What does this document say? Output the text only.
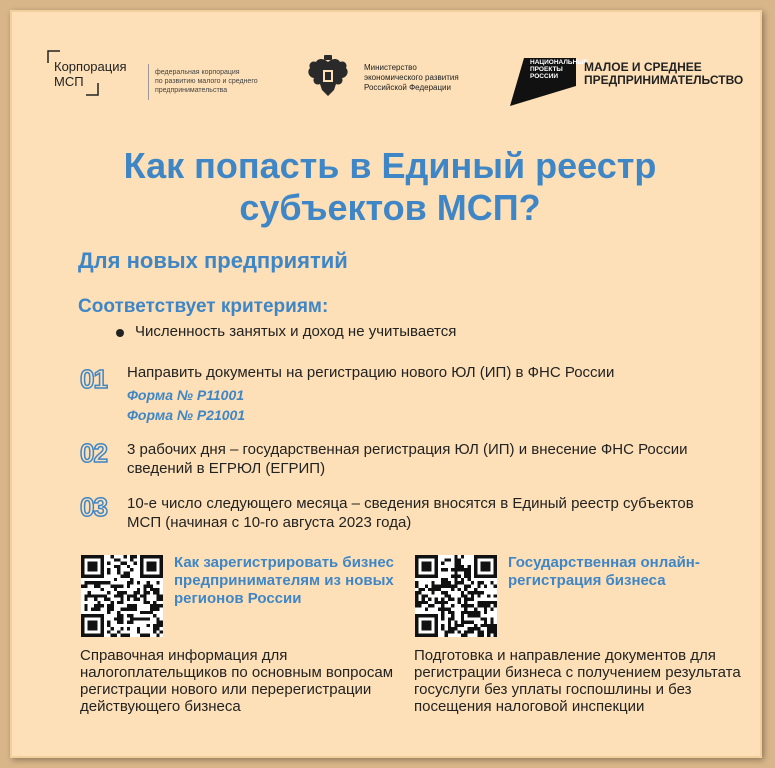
Корпорация
МСП
федеральная корпорация
по развитию малого и среднего
предпринимательства
Министерство
экономического развития
Российской Федерации
НАЦИОНАЛЬНЫЕ
ПРОЕКТЫ
РОССИИ
МАЛОЕ И СРЕДНЕЕ
ПРЕДПРИНИМАТЕЛЬСТВО
Как попасть в Единый реестр
субъектов МСП?
Для новых предприятий
Соответствует критериям:
Численность занятых и доход не учитывается
01 Направить документы на регистрацию нового ЮЛ (ИП) в ФНС России
Форма № Р11001
Форма № Р21001
02 3 рабочих дня – государственная регистрация ЮЛ (ИП) и внесение ФНС России сведений в ЕГРЮЛ (ЕГРИП)
03 10-е число следующего месяца – сведения вносятся в Единый реестр субъектов МСП (начиная с 10-го августа 2023 года)
Как зарегистрировать бизнес предпринимателям из новых регионов России
Государственная онлайн-регистрация бизнеса
Справочная информация для налогоплательщиков по основным вопросам регистрации нового или перерегистрации действующего бизнеса
Подготовка и направление документов для регистрации бизнеса с получением результата госуслуги без уплаты госпошлины и без посещения налоговой инспекции
